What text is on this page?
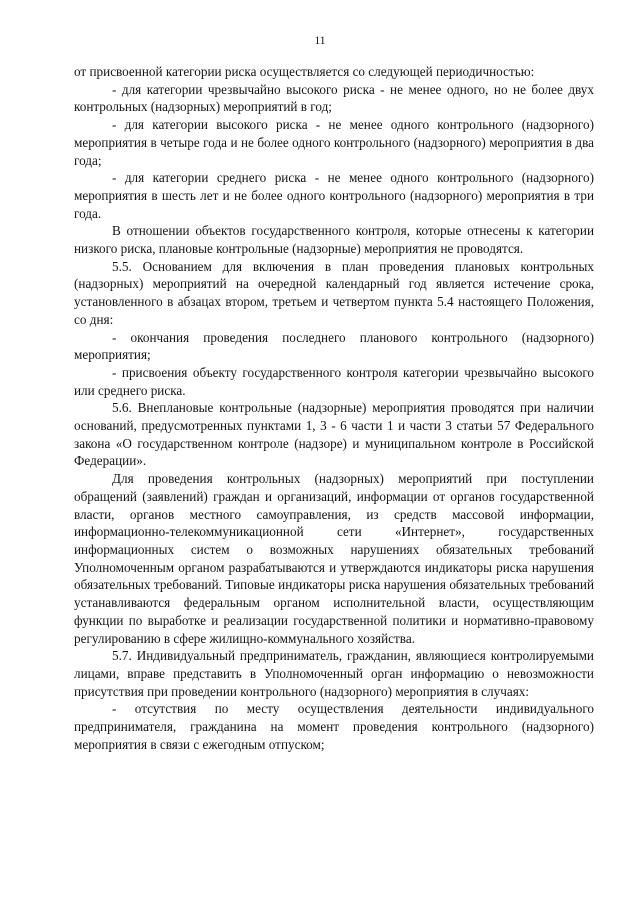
11

от присвоенной категории риска осуществляется со следующей периодичностью:

- для категории чрезвычайно высокого риска - не менее одного, но не более двух контрольных (надзорных) мероприятий в год;

- для категории высокого риска - не менее одного контрольного (надзорного) мероприятия в четыре года и не более одного контрольного (надзорного) мероприятия в два года;

- для категории среднего риска - не менее одного контрольного (надзорного) мероприятия в шесть лет и не более одного контрольного (надзорного) мероприятия в три года.

В отношении объектов государственного контроля, которые отнесены к категории низкого риска, плановые контрольные (надзорные) мероприятия не проводятся.

5.5. Основанием для включения в план проведения плановых контрольных (надзорных) мероприятий на очередной календарный год является истечение срока, установленного в абзацах втором, третьем и четвертом пункта 5.4 настоящего Положения, со дня:

- окончания проведения последнего планового контрольного (надзорного) мероприятия;

- присвоения объекту государственного контроля категории чрезвычайно высокого или среднего риска.

5.6. Внеплановые контрольные (надзорные) мероприятия проводятся при наличии оснований, предусмотренных пунктами 1, 3 - 6 части 1 и части 3 статьи 57 Федерального закона «О государственном контроле (надзоре) и муниципальном контроле в Российской Федерации».

Для проведения контрольных (надзорных) мероприятий при поступлении обращений (заявлений) граждан и организаций, информации от органов государственной власти, органов местного самоуправления, из средств массовой информации, информационно-телекоммуникационной сети «Интернет», государственных информационных систем о возможных нарушениях обязательных требований Уполномоченным органом разрабатываются и утверждаются индикаторы риска нарушения обязательных требований. Типовые индикаторы риска нарушения обязательных требований устанавливаются федеральным органом исполнительной власти, осуществляющим функции по выработке и реализации государственной политики и нормативно-правовому регулированию в сфере жилищно-коммунального хозяйства.

5.7. Индивидуальный предприниматель, гражданин, являющиеся контролируемыми лицами, вправе представить в Уполномоченный орган информацию о невозможности присутствия при проведении контрольного (надзорного) мероприятия в случаях:

- отсутствия по месту осуществления деятельности индивидуального предпринимателя, гражданина на момент проведения контрольного (надзорного) мероприятия в связи с ежегодным отпуском;
